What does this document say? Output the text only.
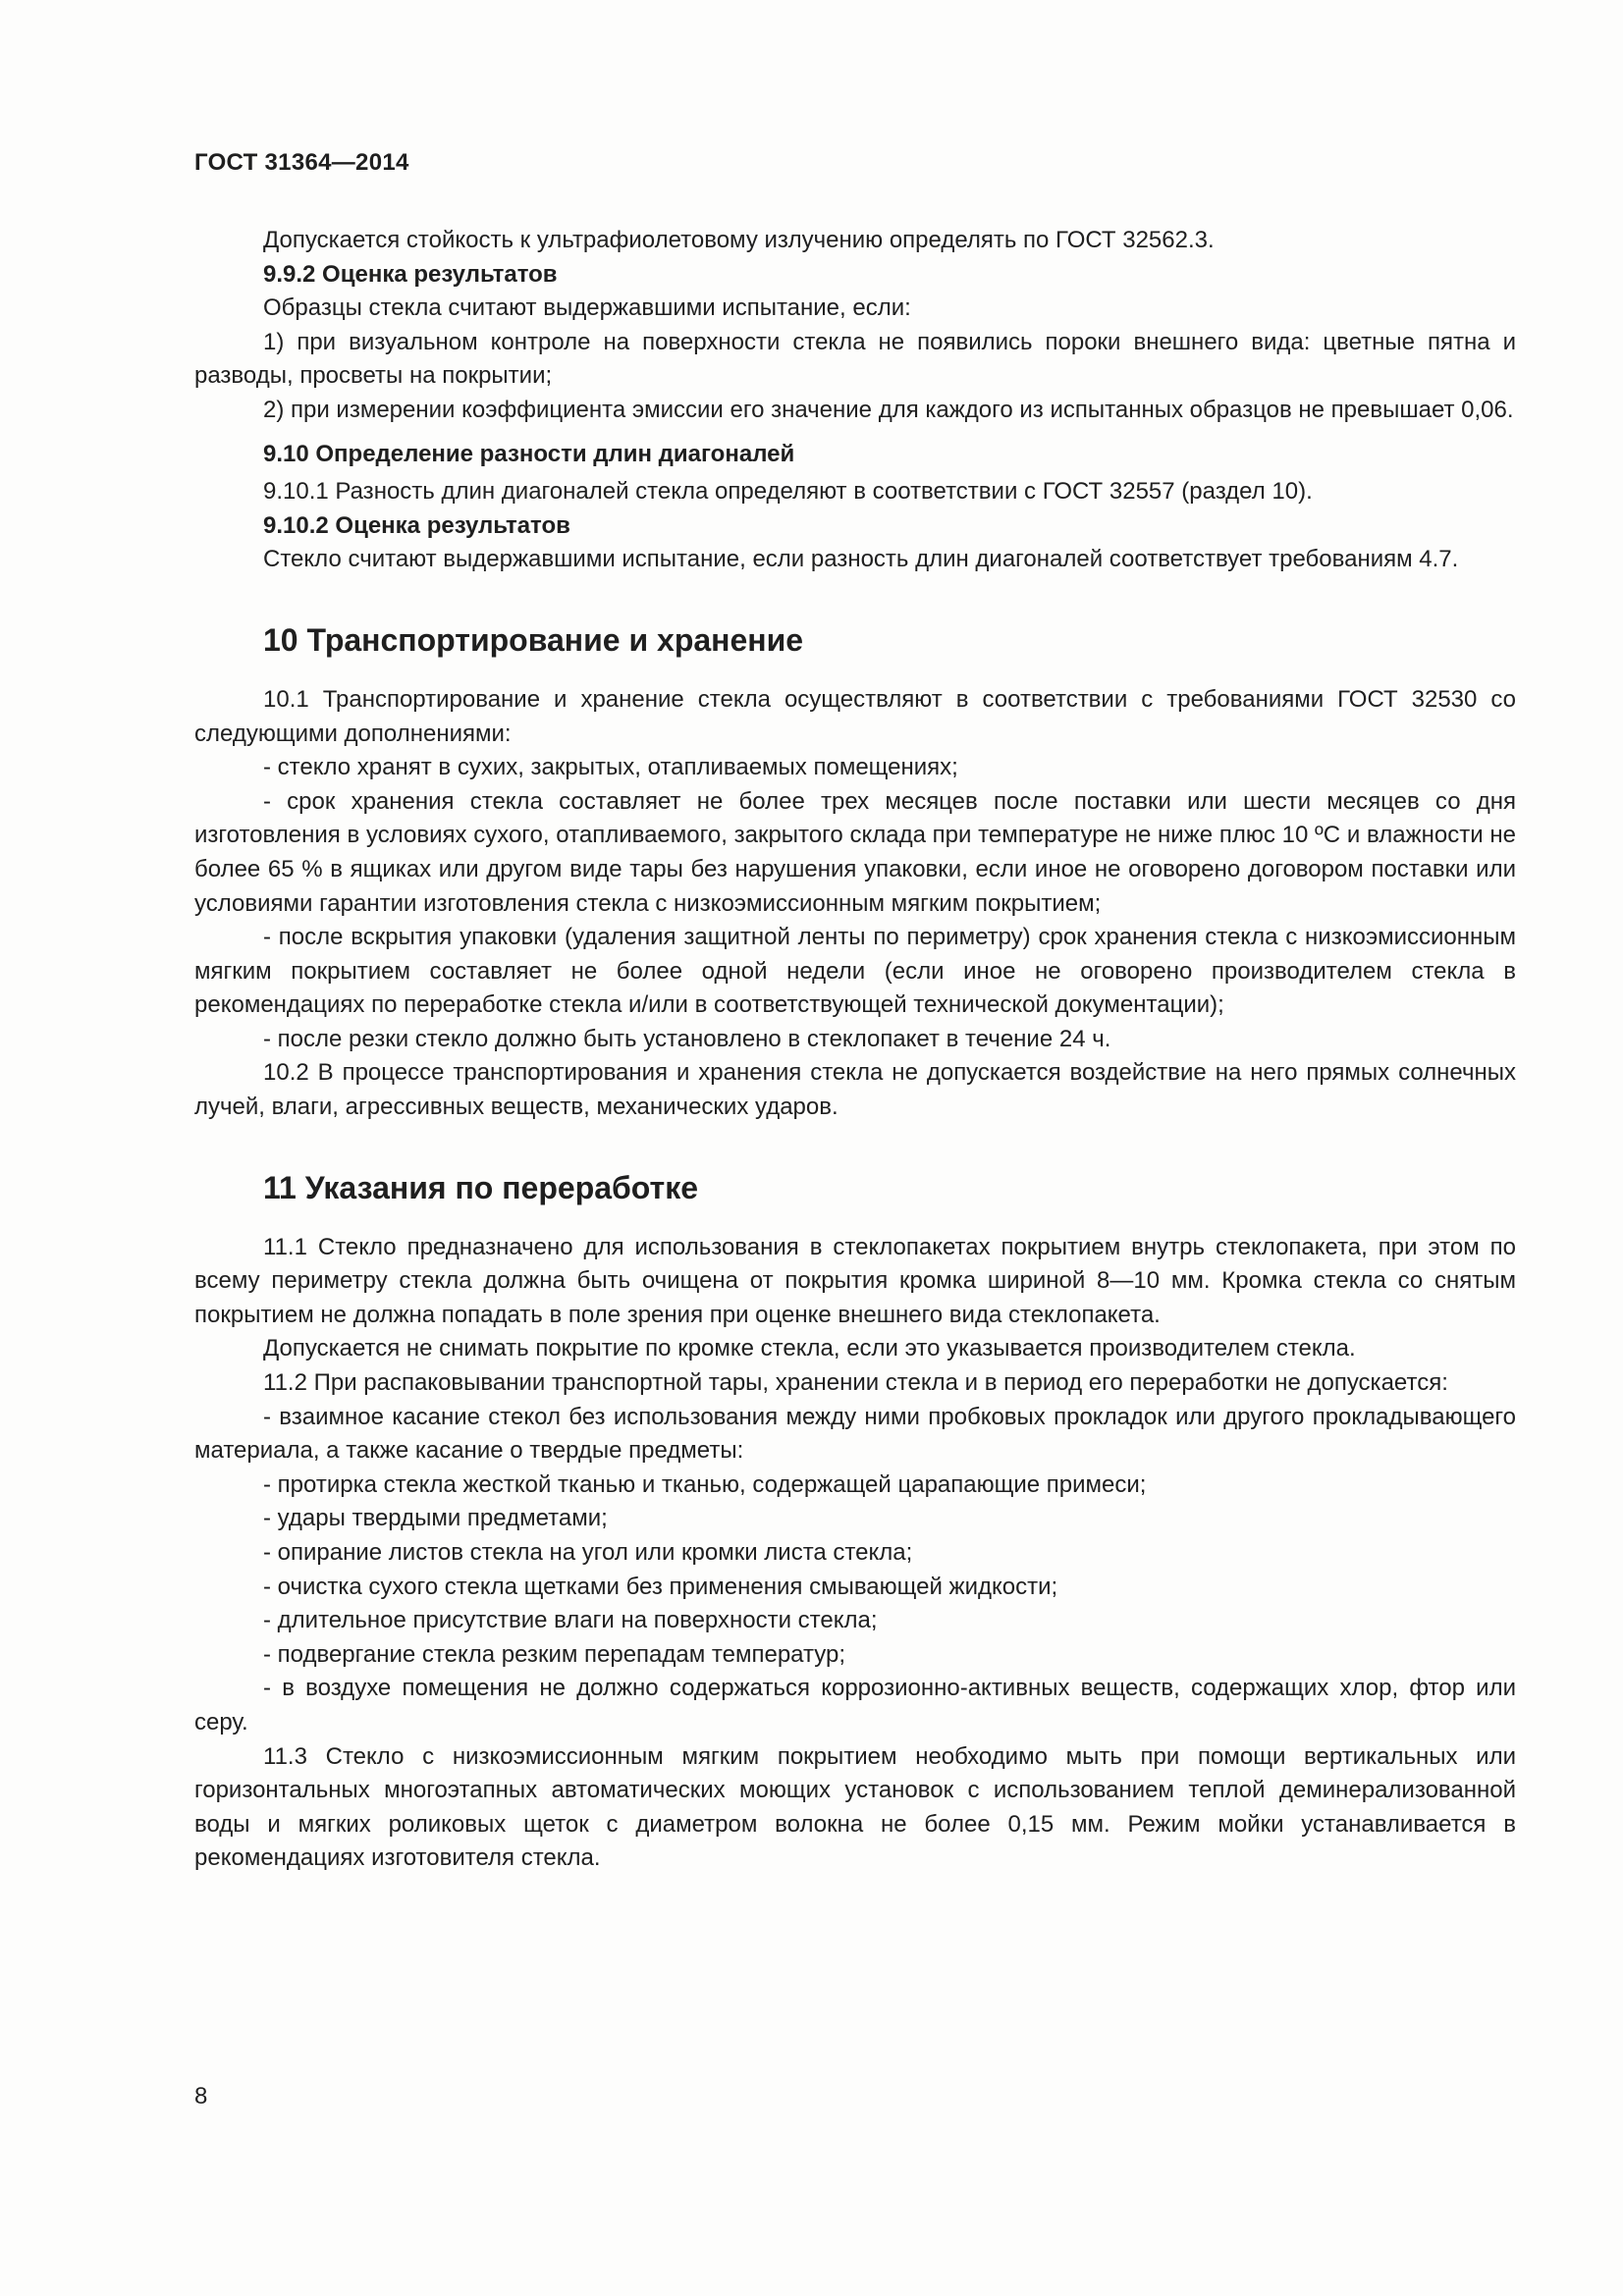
ГОСТ 31364—2014

Допускается стойкость к ультрафиолетовому излучению определять по ГОСТ 32562.3.

9.9.2 Оценка результатов

Образцы стекла считают выдержавшими испытание, если:

1) при визуальном контроле на поверхности стекла не появились пороки внешнего вида: цветные пятна и разводы, просветы на покрытии;

2) при измерении коэффициента эмиссии его значение для каждого из испытанных образцов не превышает 0,06.

9.10 Определение разности длин диагоналей

9.10.1 Разность длин диагоналей стекла определяют в соответствии с ГОСТ 32557 (раздел 10).

9.10.2 Оценка результатов

Стекло считают выдержавшими испытание, если разность длин диагоналей соответствует требованиям 4.7.

10 Транспортирование и хранение

10.1 Транспортирование и хранение стекла осуществляют в соответствии с требованиями ГОСТ 32530 со следующими дополнениями:

- стекло хранят в сухих, закрытых, отапливаемых помещениях;

- срок хранения стекла составляет не более трех месяцев после поставки или шести месяцев со дня изготовления в условиях сухого, отапливаемого, закрытого склада при температуре не ниже плюс 10 ºC и влажности не более 65 % в ящиках или другом виде тары без нарушения упаковки, если иное не оговорено договором поставки или условиями гарантии изготовления стекла с низкоэмиссионным мягким покрытием;

- после вскрытия упаковки (удаления защитной ленты по периметру) срок хранения стекла с низкоэмиссионным мягким покрытием составляет не более одной недели (если иное не оговорено производителем стекла в рекомендациях по переработке стекла и/или в соответствующей технической документации);

- после резки стекло должно быть установлено в стеклопакет в течение 24 ч.

10.2 В процессе транспортирования и хранения стекла не допускается воздействие на него прямых солнечных лучей, влаги, агрессивных веществ, механических ударов.

11 Указания по переработке

11.1 Стекло предназначено для использования в стеклопакетах покрытием внутрь стеклопакета, при этом по всему периметру стекла должна быть очищена от покрытия кромка шириной 8—10 мм. Кромка стекла со снятым покрытием не должна попадать в поле зрения при оценке внешнего вида стеклопакета.

Допускается не снимать покрытие по кромке стекла, если это указывается производителем стекла.

11.2 При распаковывании транспортной тары, хранении стекла и в период его переработки не допускается:

- взаимное касание стекол без использования между ними пробковых прокладок или другого прокладывающего материала, а также касание о твердые предметы:

- протирка стекла жесткой тканью и тканью, содержащей царапающие примеси;

- удары твердыми предметами;

- опирание листов стекла на угол или кромки листа стекла;

- очистка сухого стекла щетками без применения смывающей жидкости;

- длительное присутствие влаги на поверхности стекла;

- подвергание стекла резким перепадам температур;

- в воздухе помещения не должно содержаться коррозионно-активных веществ, содержащих хлор, фтор или серу.

11.3 Стекло с низкоэмиссионным мягким покрытием необходимо мыть при помощи вертикальных или горизонтальных многоэтапных автоматических моющих установок с использованием теплой деминерализованной воды и мягких роликовых щеток с диаметром волокна не более 0,15 мм. Режим мойки устанавливается в рекомендациях изготовителя стекла.

8
